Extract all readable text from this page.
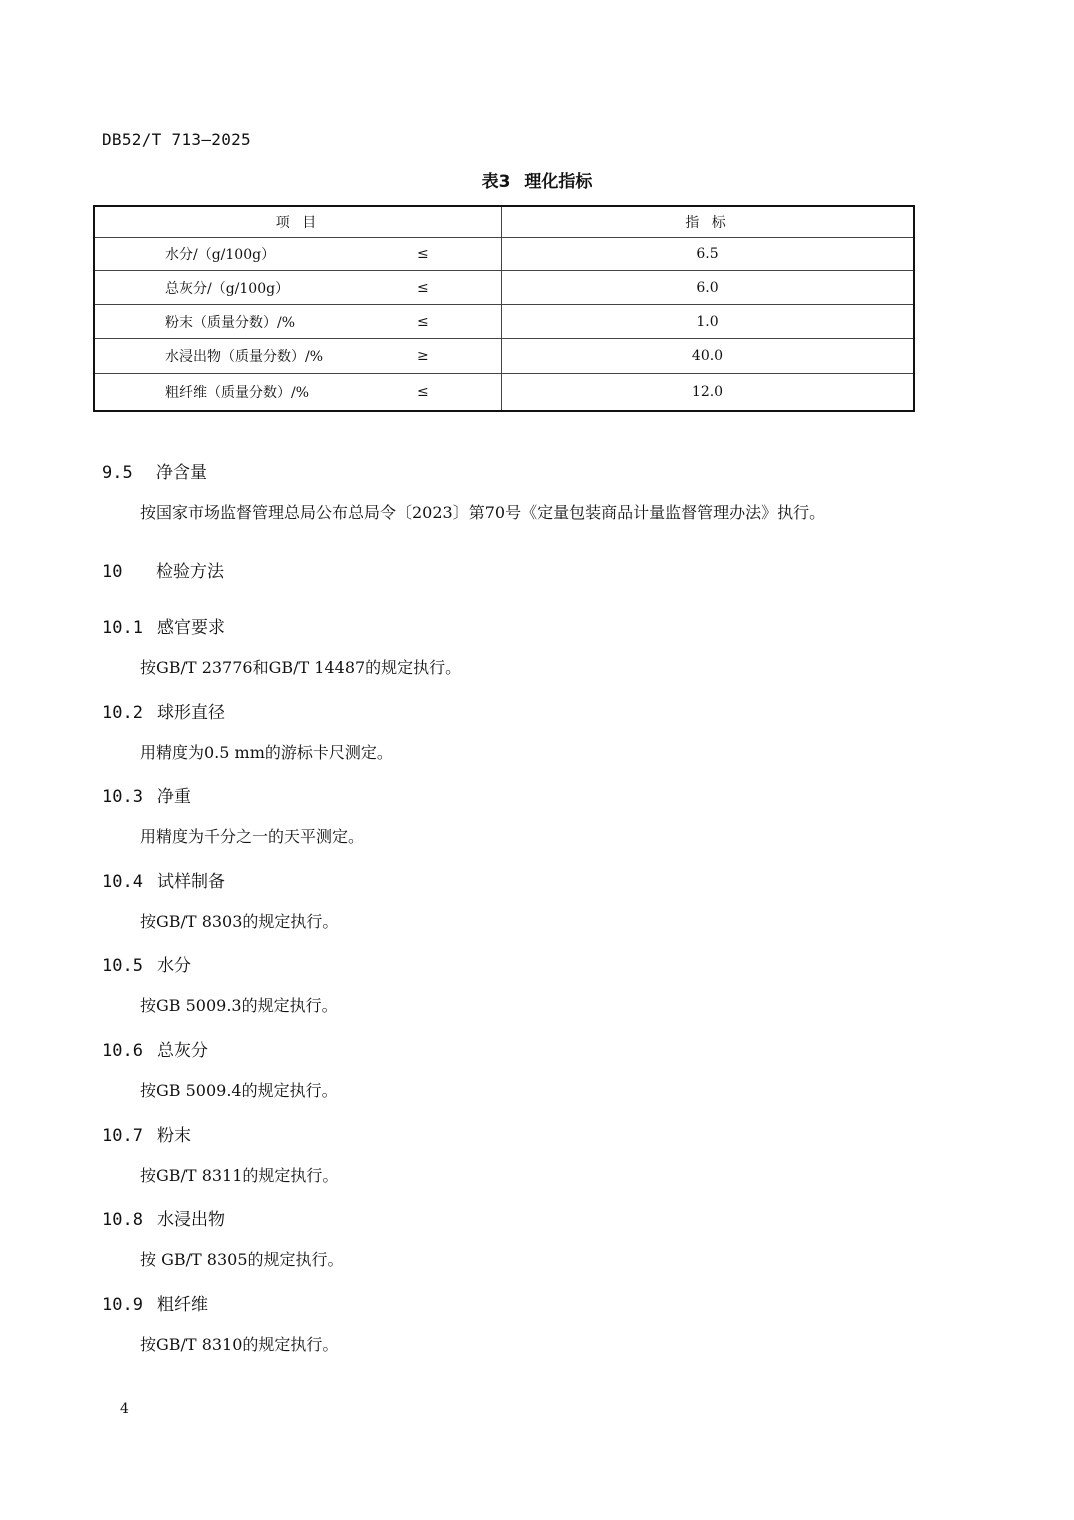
DB52/T 713—2025
表3 理化指标
项 目	指 标

水分/（g/100g） ≤	6.5

总灰分/（g/100g） ≤	6.0

粉末（质量分数）/% ≤	1.0

水浸出物（质量分数）/% ≥	40.0

粗纤维（质量分数）/% ≤	12.0
9.5 净含量
按国家市场监督管理总局公布总局令〔2023〕第70号《定量包装商品计量监督管理办法》执行。
10 检验方法
10.1 感官要求
按GB/T 23776和GB/T 14487的规定执行。
10.2 球形直径
用精度为0.5 mm的游标卡尺测定。
10.3 净重
用精度为千分之一的天平测定。
10.4 试样制备
按GB/T 8303的规定执行。
10.5 水分
按GB 5009.3的规定执行。
10.6 总灰分
按GB 5009.4的规定执行。
10.7 粉末
按GB/T 8311的规定执行。
10.8 水浸出物
按 GB/T 8305的规定执行。
10.9 粗纤维
按GB/T 8310的规定执行。
4
